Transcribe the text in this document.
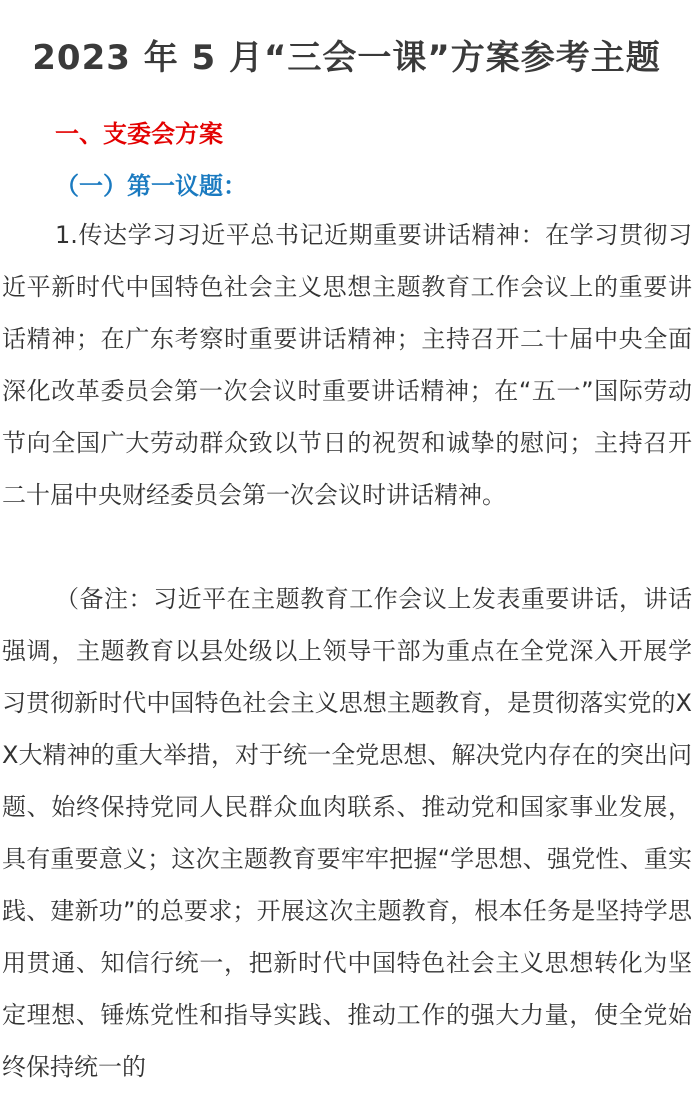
2023 年 5 月“三会一课”方案参考主题
一、支委会方案
（一）第一议题：

1.传达学习习近平总书记近期重要讲话精神：在学习贯彻习近平新时代中国特色社会主义思想主题教育工作会议上的重要讲话精神；在广东考察时重要讲话精神；主持召开二十届中央全面深化改革委员会第一次会议时重要讲话精神；在“五一”国际劳动节向全国广大劳动群众致以节日的祝贺和诚挚的慰问；主持召开二十届中央财经委员会第一次会议时讲话精神。

（备注：习近平在主题教育工作会议上发表重要讲话，讲话强调，主题教育以县处级以上领导干部为重点在全党深入开展学习贯彻新时代中国特色社会主义思想主题教育，是贯彻落实党的XX大精神的重大举措，对于统一全党思想、解决党内存在的突出问题、始终保持党同人民群众血肉联系、推动党和国家事业发展，具有重要意义；这次主题教育要牢牢把握“学思想、强党性、重实践、建新功”的总要求；开展这次主题教育，根本任务是坚持学思用贯通、知信行统一，把新时代中国特色社会主义思想转化为坚定理想、锤炼党性和指导实践、推动工作的强大力量，使全党始终保持统一的
